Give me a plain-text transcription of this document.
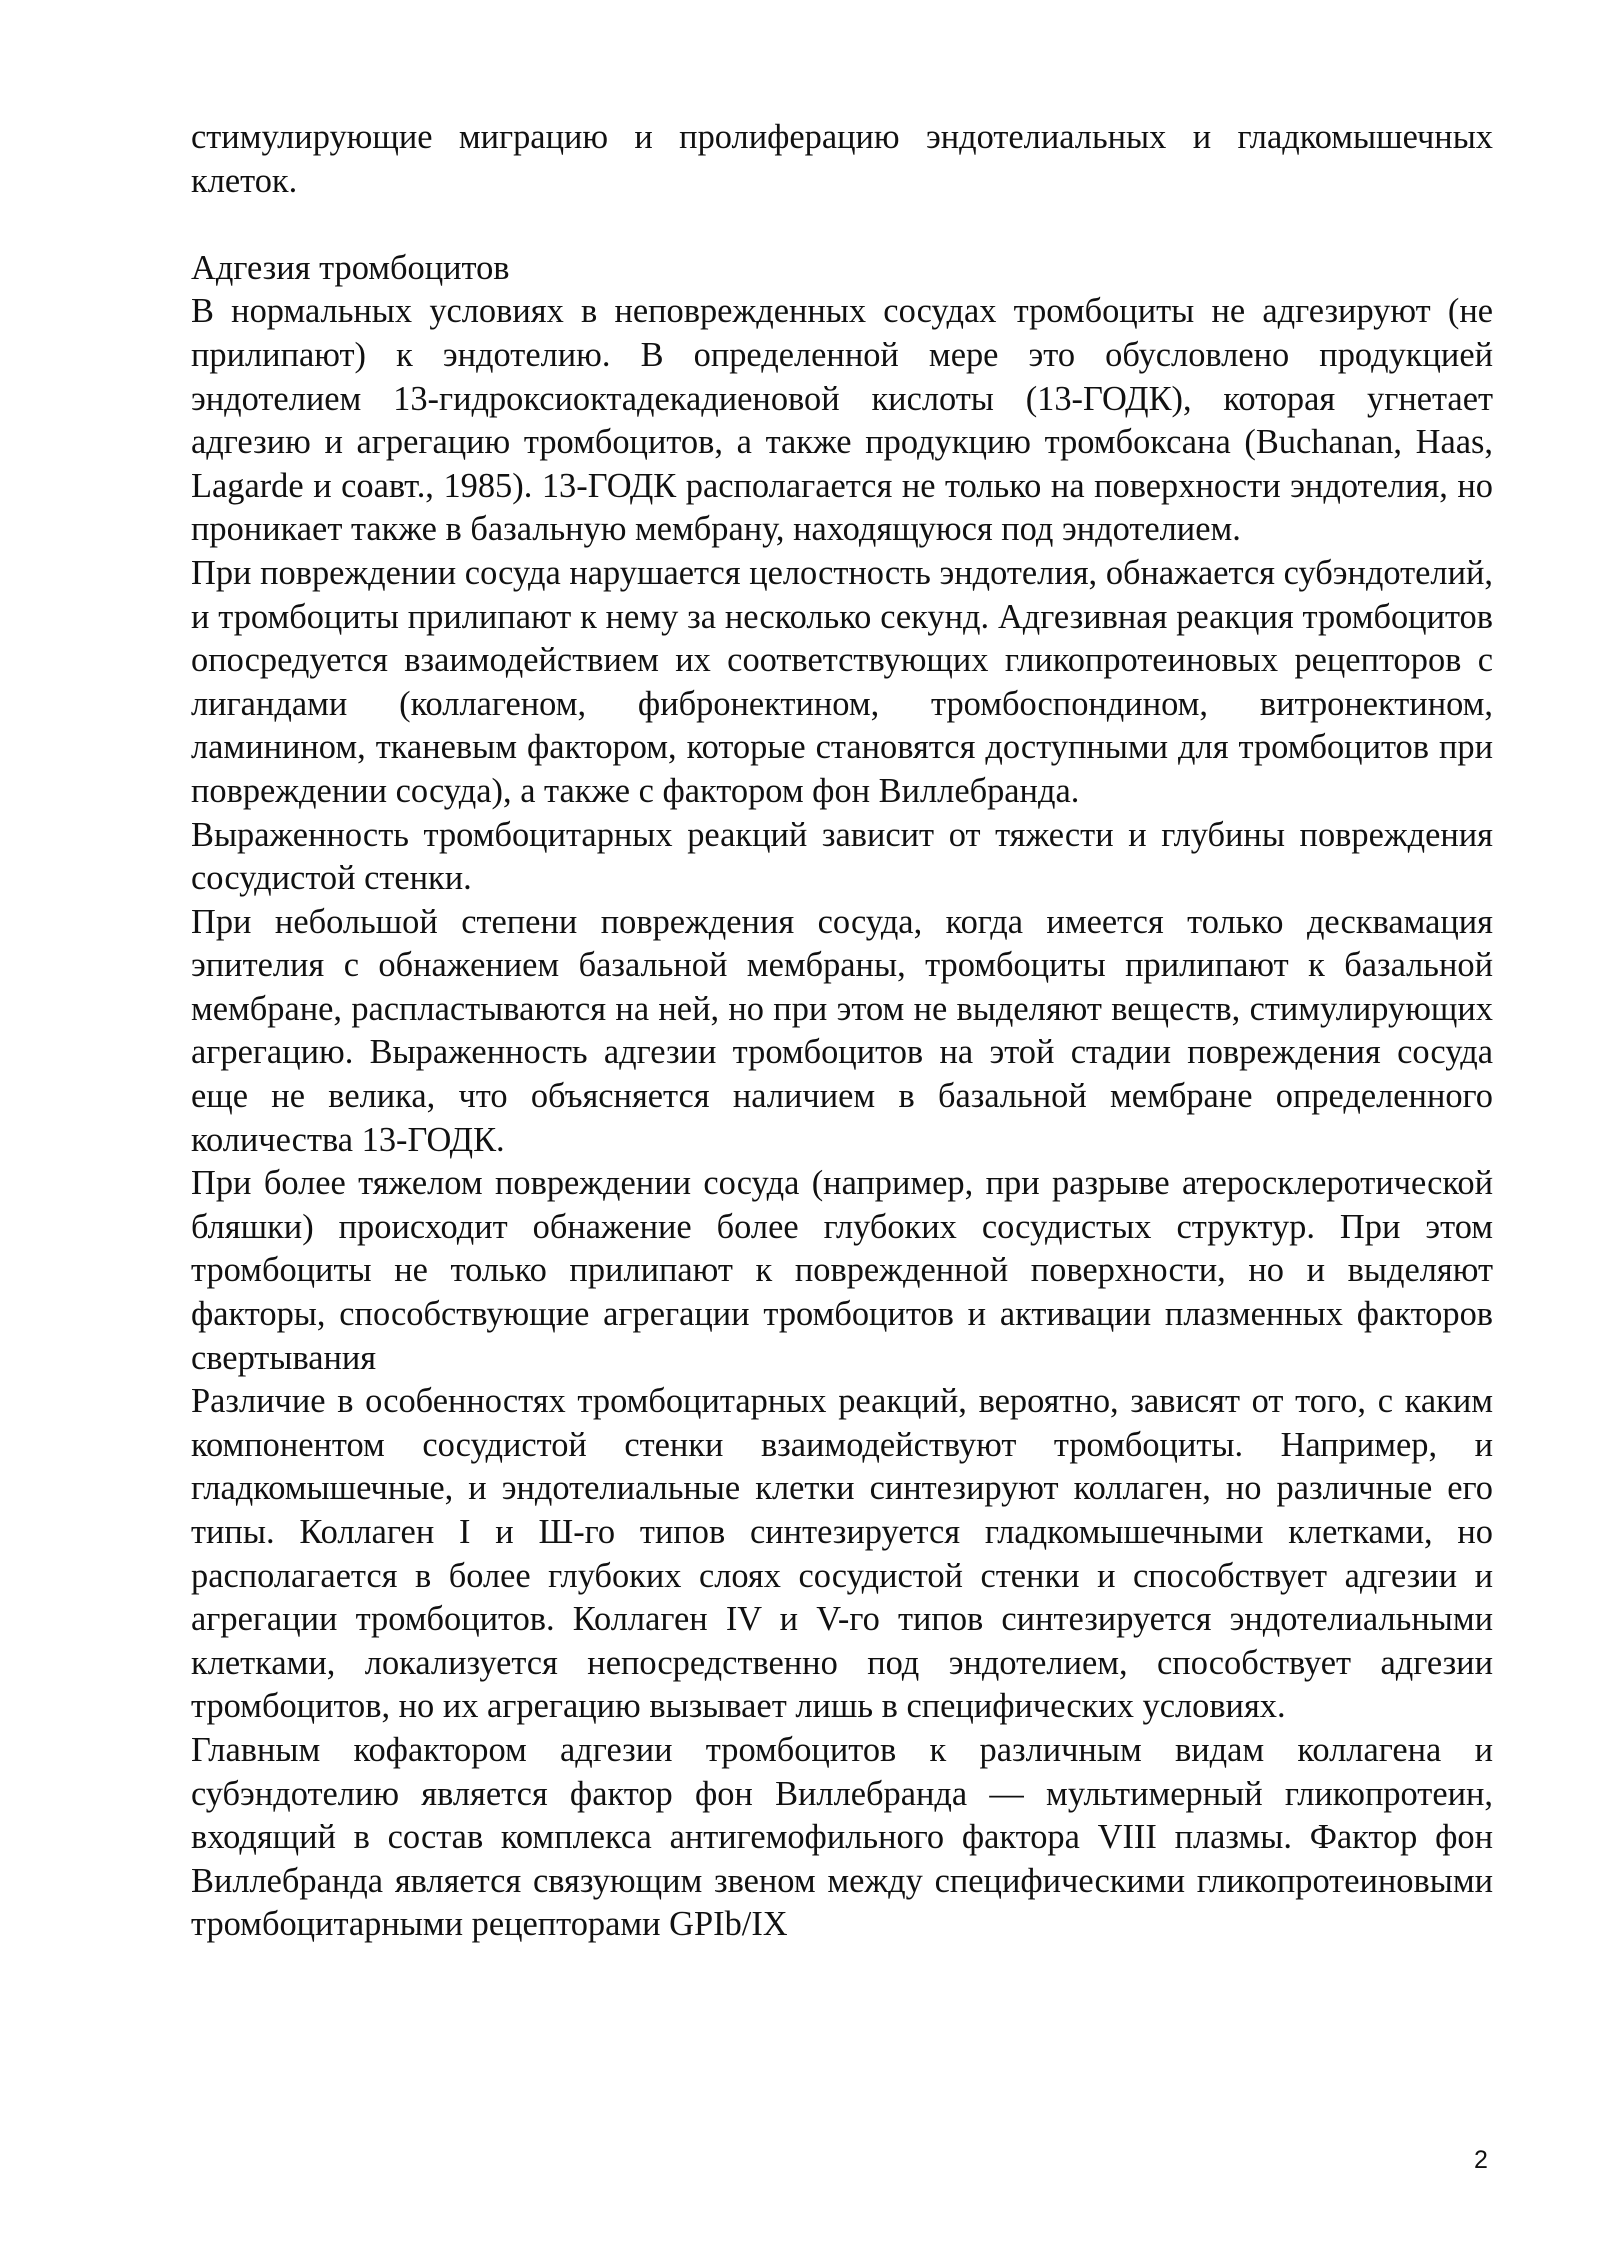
стимулирующие миграцию и пролиферацию эндотелиальных и гладкомышечных клеток.

Адгезия тромбоцитов

В нормальных условиях в неповрежденных сосудах тромбоциты не адгезируют (не прилипают) к эндотелию. В определенной мере это обусловлено продукцией эндотелием 13-гидроксиоктадекадиеновой кислоты (13-ГОДК), которая угнетает адгезию и агрегацию тромбоцитов, а также продукцию тромбоксана (Buchanan, Haas, Lagarde и соавт., 1985). 13-ГОДК располагается не только на поверхности эндотелия, но проникает также в базальную мембрану, находящуюся под эндотелием.

При повреждении сосуда нарушается целостность эндотелия, обнажается субэндотелий, и тромбоциты прилипают к нему за несколько секунд. Адгезивная реакция тромбоцитов опосредуется взаимодействием их соответствующих гликопротеиновых рецепторов с лигандами (коллагеном, фибронектином, тромбоспондином, витронектином, ламинином, тканевым фактором, которые становятся доступными для тромбоцитов при повреждении сосуда), а также с фактором фон Виллебранда.

Выраженность тромбоцитарных реакций зависит от тяжести и глубины повреждения сосудистой стенки.

При небольшой степени повреждения сосуда, когда имеется только десквамация эпителия с обнажением базальной мембраны, тромбоциты прилипают к базальной мембране, распластываются на ней, но при этом не выделяют веществ, стимулирующих агрегацию. Выраженность адгезии тромбоцитов на этой стадии повреждения сосуда еще не велика, что объясняется наличием в базальной мембране определенного количества 13-ГОДК.

При более тяжелом повреждении сосуда (например, при разрыве атеросклеротической бляшки) происходит обнажение более глубоких сосудистых структур. При этом тромбоциты не только прилипают к поврежденной поверхности, но и выделяют факторы, способствующие агрегации тромбоцитов и активации плазменных факторов свертывания

Различие в особенностях тромбоцитарных реакций, вероятно, зависят от того, с каким компонентом сосудистой стенки взаимодействуют тромбоциты. Например, и гладкомышечные, и эндотелиальные клетки синтезируют коллаген, но различные его типы. Коллаген I и Ш-го типов синтезируется гладкомышечными клетками, но располагается в более глубоких слоях сосудистой стенки и способствует адгезии и агрегации тромбоцитов. Коллаген IV и V-го типов синтезируется эндотелиальными клетками, локализуется непосредственно под эндотелием, способствует адгезии тромбоцитов, но их агрегацию вызывает лишь в специфических условиях.

Главным кофактором адгезии тромбоцитов к различным видам коллагена и субэндотелию является фактор фон Виллебранда — мультимерный гликопротеин, входящий в состав комплекса антигемофильного фактора VIII плазмы. Фактор фон Виллебранда является связующим звеном между специфическими гликопротеиновыми тромбоцитарными рецепторами GPIb/IX

2
